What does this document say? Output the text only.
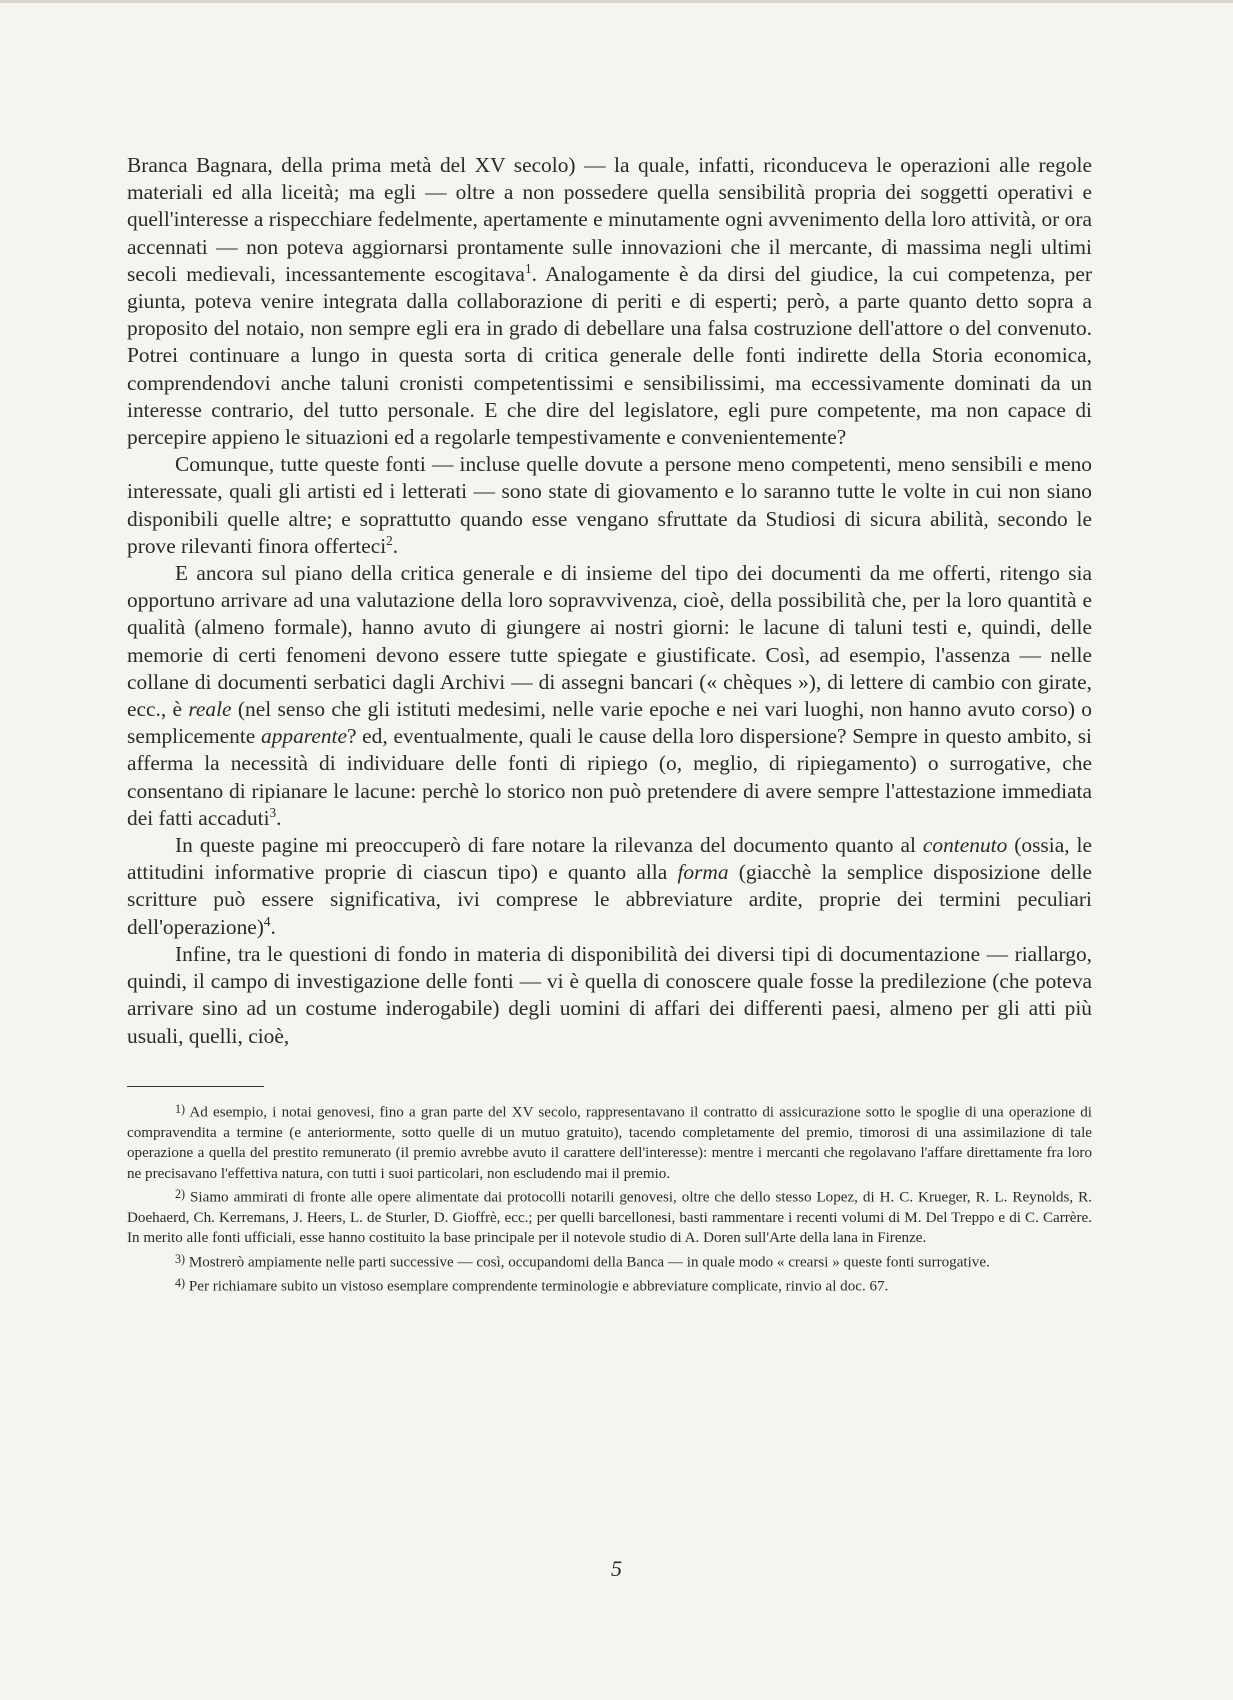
Branca Bagnara, della prima metà del XV secolo) — la quale, infatti, riconduceva le operazioni alle regole materiali ed alla liceità; ma egli — oltre a non possedere quella sensibilità propria dei soggetti operativi e quell'interesse a rispecchiare fedelmente, apertamente e minutamente ogni avvenimento della loro attività, or ora accennati — non poteva aggiornarsi prontamente sulle innovazioni che il mercante, di massima negli ultimi secoli medievali, incessantemente escogitava$^1$. Analogamente è da dirsi del giudice, la cui competenza, per giunta, poteva venire integrata dalla collaborazione di periti e di esperti; però, a parte quanto detto sopra a proposito del notaio, non sempre egli era in grado di debellare una falsa costruzione dell'attore o del convenuto. Potrei continuare a lungo in questa sorta di critica generale delle fonti indirette della Storia economica, comprendendovi anche taluni cronisti competentissimi e sensibilissimi, ma eccessivamente dominati da un interesse contrario, del tutto personale. E che dire del legislatore, egli pure competente, ma non capace di percepire appieno le situazioni ed a regolarle tempestivamente e convenientemente?

Comunque, tutte queste fonti — incluse quelle dovute a persone meno competenti, meno sensibili e meno interessate, quali gli artisti ed i letterati — sono state di giovamento e lo saranno tutte le volte in cui non siano disponibili quelle altre; e soprattutto quando esse vengano sfruttate da Studiosi di sicura abilità, secondo le prove rilevanti finora offerteci$^2$.

E ancora sul piano della critica generale e di insieme del tipo dei documenti da me offerti, ritengo sia opportuno arrivare ad una valutazione della loro sopravvivenza, cioè, della possibilità che, per la loro quantità e qualità (almeno formale), hanno avuto di giungere ai nostri giorni: le lacune di taluni testi e, quindi, delle memorie di certi fenomeni devono essere tutte spiegate e giustificate. Così, ad esempio, l'assenza — nelle collane di documenti serbatici dagli Archivi — di assegni bancari (« chèques »), di lettere di cambio con girate, ecc., è reale (nel senso che gli istituti medesimi, nelle varie epoche e nei vari luoghi, non hanno avuto corso) o semplicemente apparente? ed, eventualmente, quali le cause della loro dispersione? Sempre in questo ambito, si afferma la necessità di individuare delle fonti di ripiego (o, meglio, di ripiegamento) o surrogative, che consentano di ripianare le lacune: perchè lo storico non può pretendere di avere sempre l'attestazione immediata dei fatti accaduti$^3$.

In queste pagine mi preoccuperò di fare notare la rilevanza del documento quanto al contenuto (ossia, le attitudini informative proprie di ciascun tipo) e quanto alla forma (giacchè la semplice disposizione delle scritture può essere significativa, ivi comprese le abbreviature ardite, proprie dei termini peculiari dell'operazione)$^4$.

Infine, tra le questioni di fondo in materia di disponibilità dei diversi tipi di documentazione — riallargo, quindi, il campo di investigazione delle fonti — vi è quella di conoscere quale fosse la predilezione (che poteva arrivare sino ad un costume inderogabile) degli uomini di affari dei differenti paesi, almeno per gli atti più usuali, quelli, cioè,

$^{1)}$ Ad esempio, i notai genovesi, fino a gran parte del XV secolo, rappresentavano il contratto di assicurazione sotto le spoglie di una operazione di compravendita a termine (e anteriormente, sotto quelle di un mutuo gratuito), tacendo completamente del premio, timorosi di una assimilazione di tale operazione a quella del prestito remunerato (il premio avrebbe avuto il carattere dell'interesse): mentre i mercanti che regolavano l'affare direttamente fra loro ne precisavano l'effettiva natura, con tutti i suoi particolari, non escludendo mai il premio.

$^{2)}$ Siamo ammirati di fronte alle opere alimentate dai protocolli notarili genovesi, oltre che dello stesso Lopez, di H. C. Krueger, R. L. Reynolds, R. Doehaerd, Ch. Kerremans, J. Heers, L. de Sturler, D. Gioffrè, ecc.; per quelli barcellonesi, basti rammentare i recenti volumi di M. Del Treppo e di C. Carrère. In merito alle fonti ufficiali, esse hanno costituito la base principale per il notevole studio di A. Doren sull'Arte della lana in Firenze.

$^{3)}$ Mostrerò ampiamente nelle parti successive — così, occupandomi della Banca — in quale modo « crearsi » queste fonti surrogative.

$^{4)}$ Per richiamare subito un vistoso esemplare comprendente terminologie e abbreviature complicate, rinvio al doc. 67.

5
